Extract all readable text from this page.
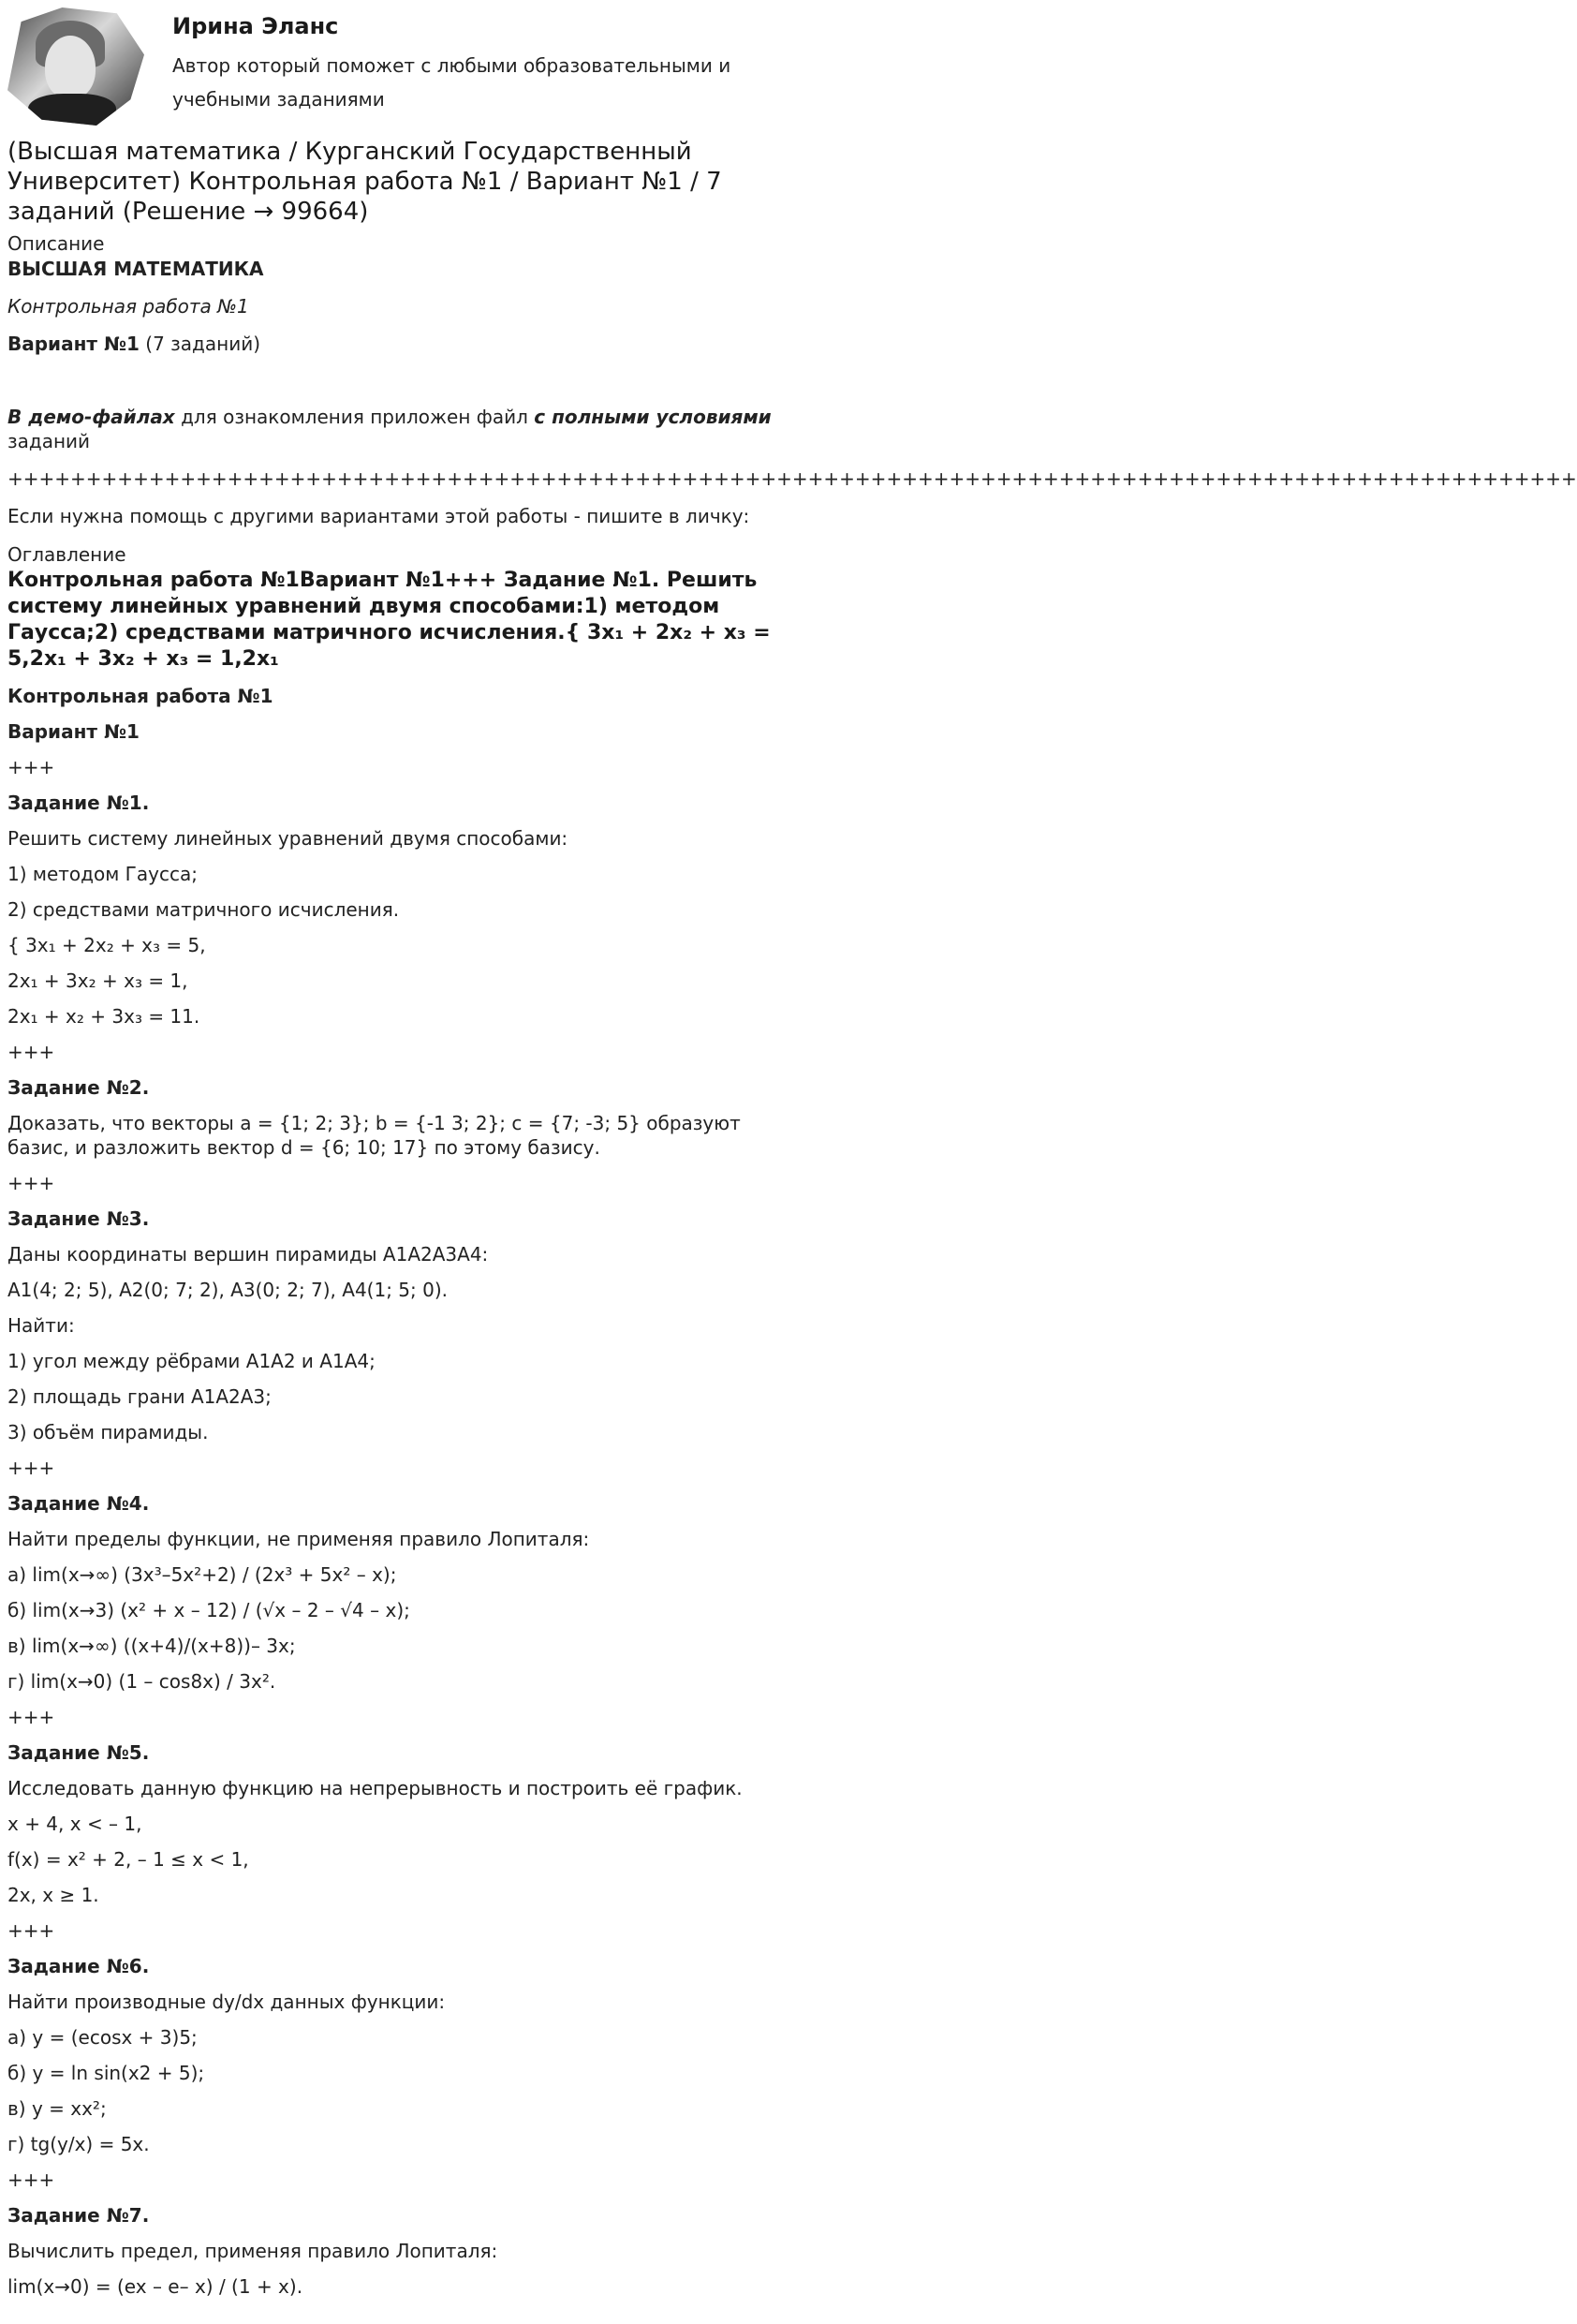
Ирина Эланс
Автор который поможет с любыми образовательными и учебными заданиями
(Высшая математика / Курганский Государственный Университет) Контрольная работа №1 / Вариант №1 / 7 заданий (Решение → 99664)
Описание

ВЫСШАЯ МАТЕМАТИКА

Контрольная работа №1

Вариант №1 (7 заданий)

В демо-файлах для ознакомления приложен файл с полными условиями заданий

++++++++++++++++++++++++++++++++++++++++++++++++++++++++++++++++++++++++++++++++++++++++++++++++++++

Если нужна помощь с другими вариантами этой работы - пишите в личку:

Оглавление
Контрольная работа №1Вариант №1+++ Задание №1. Решить систему линейных уравнений двумя способами:1) методом Гаусса;2) средствами матричного исчисления.{ 3x₁ + 2x₂ + x₃ = 5,2x₁ + 3x₂ + x₃ = 1,2x₁

Контрольная работа №1

Вариант №1

+++

Задание №1.

Решить систему линейных уравнений двумя способами:

1) методом Гаусса;

2) средствами матричного исчисления.

{ 3x₁ + 2x₂ + x₃ = 5,

2x₁ + 3x₂ + x₃ = 1,

2x₁ + x₂ + 3x₃ = 11.

+++

Задание №2.

Доказать, что векторы a = {1; 2; 3}; b = {-1 3; 2}; c = {7; -3; 5} образуют базис, и разложить вектор d = {6; 10; 17} по этому базису.

+++

Задание №3.

Даны координаты вершин пирамиды A1A2A3A4:

A1(4; 2; 5), A2(0; 7; 2), A3(0; 2; 7), A4(1; 5; 0).

Найти:

1) угол между рёбрами A1A2 и A1A4;

2) площадь грани A1A2A3;

3) объём пирамиды.

+++

Задание №4.

Найти пределы функции, не применяя правило Лопиталя:

а) lim(x→∞) (3x³–5x²+2) / (2x³ + 5x² – x);

б) lim(x→3) (x² + x – 12) / (√x – 2 – √4 – x);

в) lim(x→∞) ((x+4)/(x+8))– 3x;

г) lim(x→0) (1 – cos8x) / 3x².

+++

Задание №5.

Исследовать данную функцию на непрерывность и построить её график.

x + 4, x < – 1,

f(x) = x² + 2, – 1 ≤ x < 1,

2x, x ≥ 1.

+++

Задание №6.

Найти производные dy/dx данных функции:

а) y = (ecosx + 3)5;

б) y = ln sin(x2 + 5);

в) y = xx²;

г) tg(y/x) = 5x.

+++

Задание №7.

Вычислить предел, применяя правило Лопиталя:

lim(x→0) = (ex – e– x) / (1 + x).
